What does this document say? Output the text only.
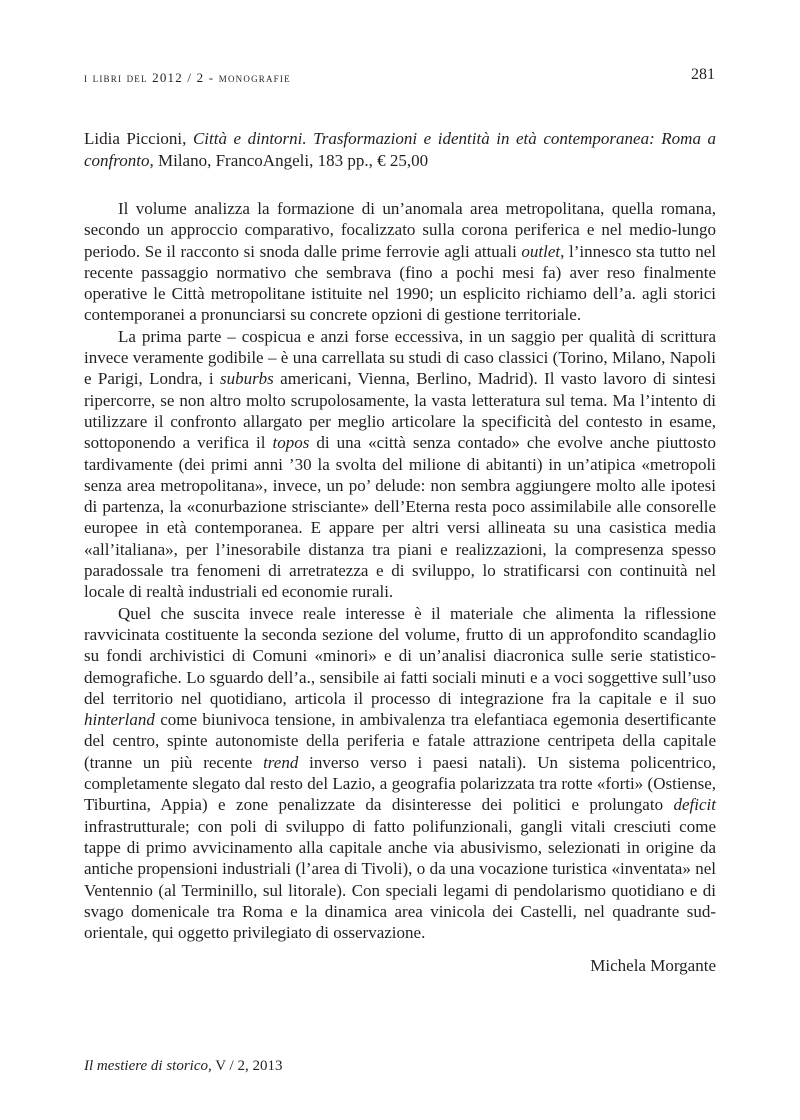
i libri del 2012 / 2 - monografie	281
Lidia Piccioni, Città e dintorni. Trasformazioni e identità in età contemporanea: Roma a confronto, Milano, FrancoAngeli, 183 pp., € 25,00

Il volume analizza la formazione di un’anomala area metropolitana, quella romana, secondo un approccio comparativo, focalizzato sulla corona periferica e nel medio-lungo periodo. Se il racconto si snoda dalle prime ferrovie agli attuali outlet, l’innesco sta tutto nel recente passaggio normativo che sembrava (fino a pochi mesi fa) aver reso finalmente operative le Città metropolitane istituite nel 1990; un esplicito richiamo dell’a. agli storici contemporanei a pronunciarsi su concrete opzioni di gestione territoriale.

La prima parte – cospicua e anzi forse eccessiva, in un saggio per qualità di scrittura invece veramente godibile – è una carrellata su studi di caso classici (Torino, Milano, Napoli e Parigi, Londra, i suburbs americani, Vienna, Berlino, Madrid). Il vasto lavoro di sintesi ripercorre, se non altro molto scrupolosamente, la vasta letteratura sul tema. Ma l’intento di utilizzare il confronto allargato per meglio articolare la specificità del contesto in esame, sottoponendo a verifica il topos di una «città senza contado» che evolve anche piuttosto tardivamente (dei primi anni ’30 la svolta del milione di abitanti) in un’atipica «metropoli senza area metropolitana», invece, un po’ delude: non sembra aggiungere molto alle ipotesi di partenza, la «conurbazione strisciante» dell’Eterna resta poco assimilabile alle consorelle europee in età contemporanea. E appare per altri versi allineata su una casistica media «all’italiana», per l’inesorabile distanza tra piani e realizzazioni, la compresenza spesso paradossale tra fenomeni di arretratezza e di sviluppo, lo stratificarsi con continuità nel locale di realtà industriali ed economie rurali.

Quel che suscita invece reale interesse è il materiale che alimenta la riflessione ravvicinata costituente la seconda sezione del volume, frutto di un approfondito scandaglio su fondi archivistici di Comuni «minori» e di un’analisi diacronica sulle serie statistico-demografiche. Lo sguardo dell’a., sensibile ai fatti sociali minuti e a voci soggettive sull’uso del territorio nel quotidiano, articola il processo di integrazione fra la capitale e il suo hinterland come biunivoca tensione, in ambivalenza tra elefantiaca egemonia desertificante del centro, spinte autonomiste della periferia e fatale attrazione centripeta della capitale (tranne un più recente trend inverso verso i paesi natali). Un sistema policentrico, completamente slegato dal resto del Lazio, a geografia polarizzata tra rotte «forti» (Ostiense, Tiburtina, Appia) e zone penalizzate da disinteresse dei politici e prolungato deficit infrastrutturale; con poli di sviluppo di fatto polifunzionali, gangli vitali cresciuti come tappe di primo avvicinamento alla capitale anche via abusivismo, selezionati in origine da antiche propensioni industriali (l’area di Tivoli), o da una vocazione turistica «inventata» nel Ventennio (al Terminillo, sul litorale). Con speciali legami di pendolarismo quotidiano e di svago domenicale tra Roma e la dinamica area vinicola dei Castelli, nel quadrante sud-orientale, qui oggetto privilegiato di osservazione.

Michela Morgante
Il mestiere di storico, V / 2, 2013
